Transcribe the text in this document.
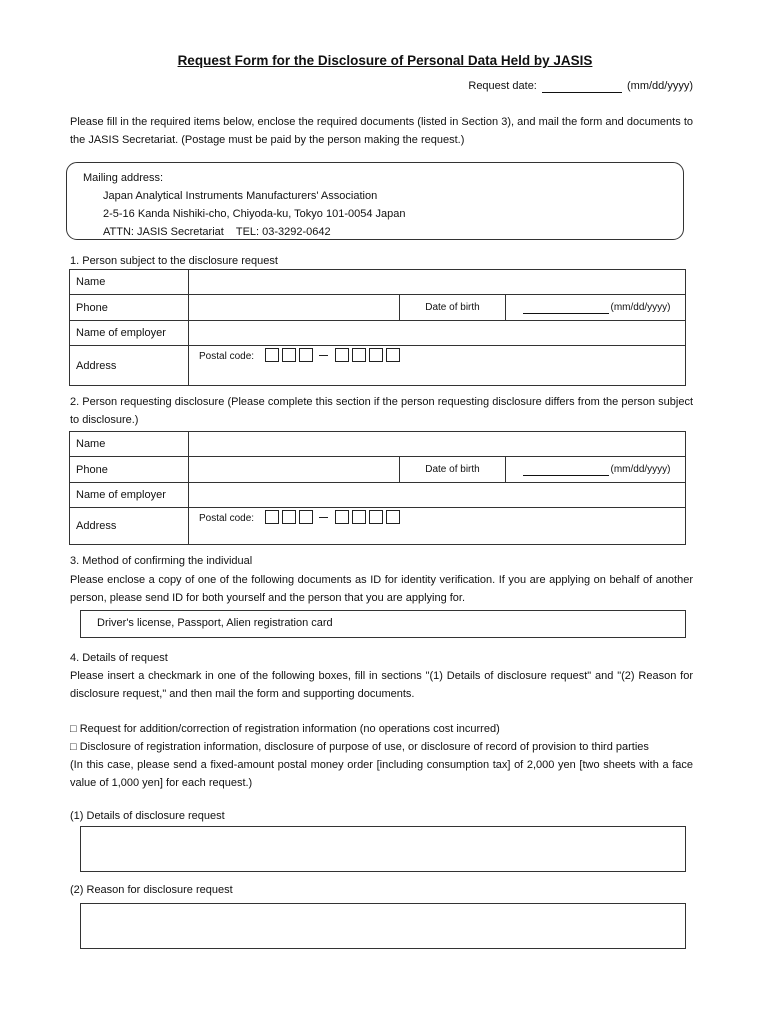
Request Form for the Disclosure of Personal Data Held by JASIS
Request date:	(mm/dd/yyyy)
Please fill in the required items below, enclose the required documents (listed in Section 3), and mail the form and documents to the JASIS Secretariat. (Postage must be paid by the person making the request.)
Mailing address:
Japan Analytical Instruments Manufacturers' Association
2-5-16 Kanda Nishiki-cho, Chiyoda-ku, Tokyo 101-0054 Japan
ATTN: JASIS Secretariat TEL: 03-3292-0642
1. Person subject to the disclosure request
Name			
Phone		Date of birth	(mm/dd/yyyy)
Name of employer			
Address	Postal code:		
2. Person requesting disclosure (Please complete this section if the person requesting disclosure differs from the person subject to disclosure.)
Name			
Phone		Date of birth	(mm/dd/yyyy)
Name of employer			
Address	Postal code:		
3. Method of confirming the individual
Please enclose a copy of one of the following documents as ID for identity verification. If you are applying on behalf of another person, please send ID for both yourself and the person that you are applying for.
Driver's license, Passport, Alien registration card
4. Details of request
Please insert a checkmark in one of the following boxes, fill in sections "(1) Details of disclosure request" and "(2) Reason for disclosure request," and then mail the form and supporting documents.
□ Request for addition/correction of registration information (no operations cost incurred)
□ Disclosure of registration information, disclosure of purpose of use, or disclosure of record of provision to third parties
(In this case, please send a fixed-amount postal money order [including consumption tax] of 2,000 yen [two sheets with a face value of 1,000 yen] for each request.)
(1) Details of disclosure request
(2) Reason for disclosure request
